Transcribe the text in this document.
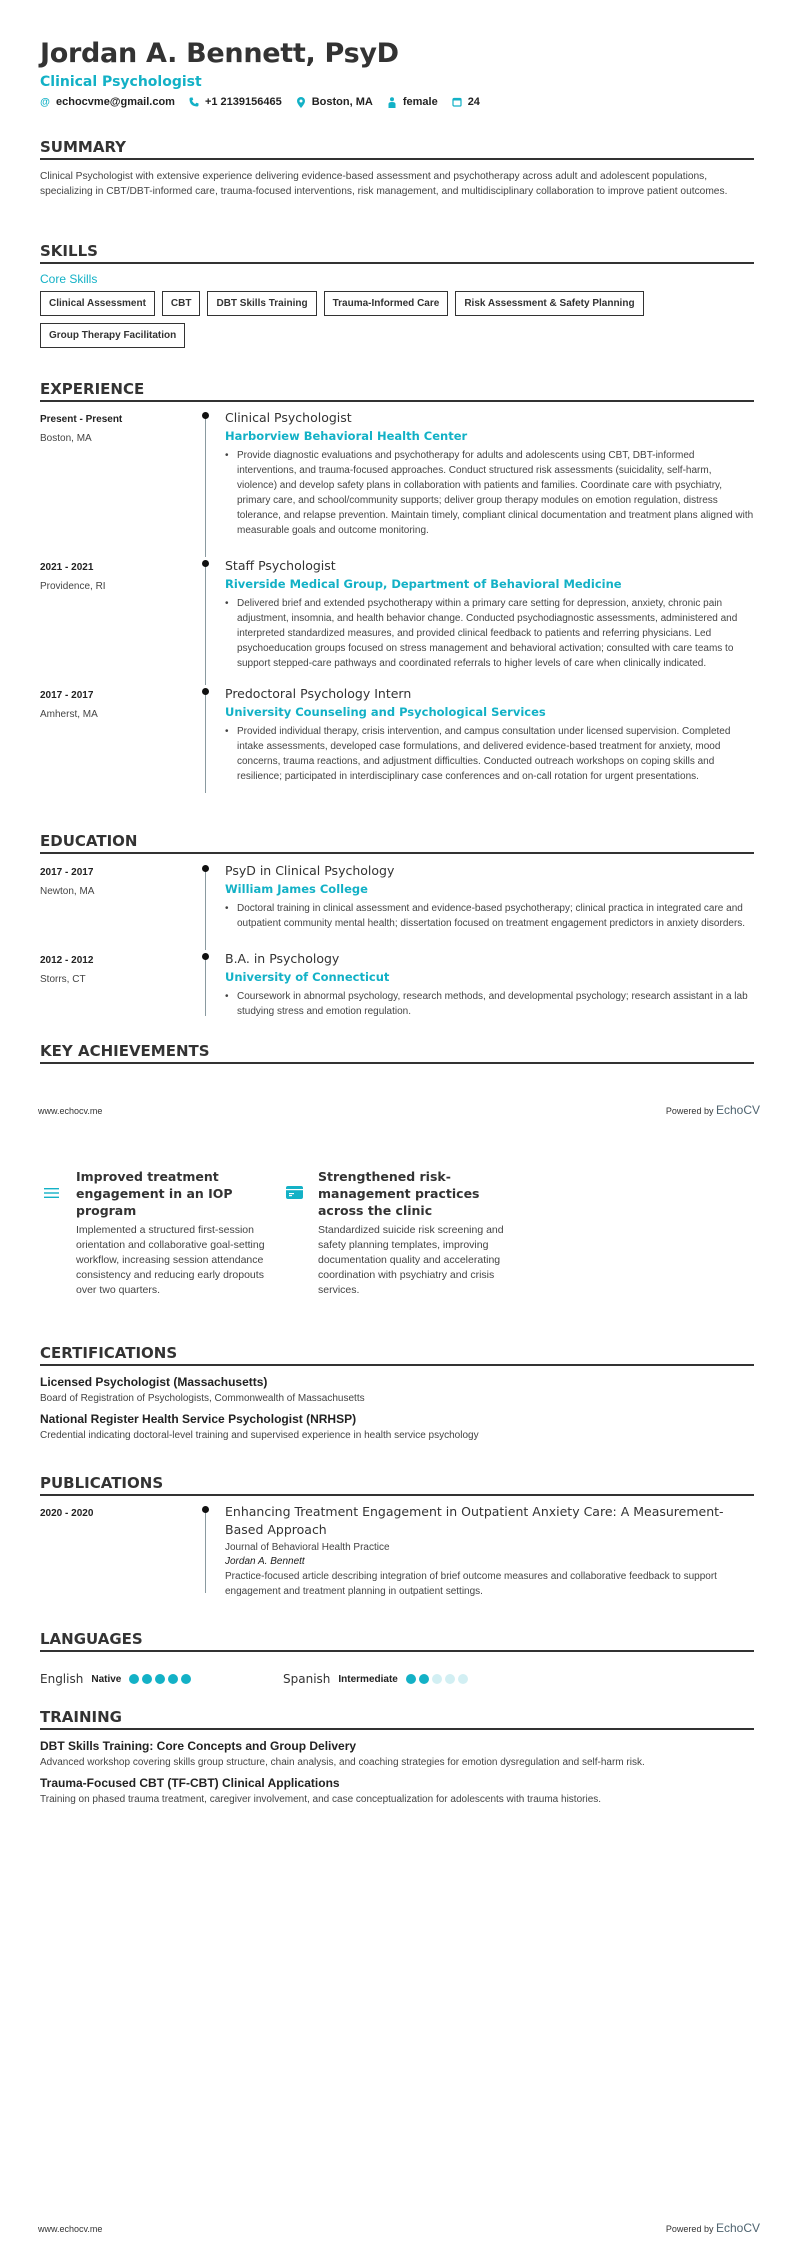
Jordan A. Bennett, PsyD
Clinical Psychologist
@ echocvme@gmail.com	+1 2139156465	Boston, MA	female	24
SUMMARY
Clinical Psychologist with extensive experience delivering evidence-based assessment and psychotherapy across adult and adolescent populations, specializing in CBT/DBT-informed care, trauma-focused interventions, risk management, and multidisciplinary collaboration to improve patient outcomes.
SKILLS
Core Skills
Clinical Assessment	CBT	DBT Skills Training	Trauma-Informed Care	Risk Assessment & Safety Planning
Group Therapy Facilitation
EXPERIENCE
Present - Present
Boston, MA
Clinical Psychologist
Harborview Behavioral Health Center
• Provide diagnostic evaluations and psychotherapy for adults and adolescents using CBT, DBT-informed interventions, and trauma-focused approaches. Conduct structured risk assessments (suicidality, self-harm, violence) and develop safety plans in collaboration with patients and families. Coordinate care with psychiatry, primary care, and school/community supports; deliver group therapy modules on emotion regulation, distress tolerance, and relapse prevention. Maintain timely, compliant clinical documentation and treatment plans aligned with measurable goals and outcome monitoring.
2021 - 2021
Providence, RI
Staff Psychologist
Riverside Medical Group, Department of Behavioral Medicine
• Delivered brief and extended psychotherapy within a primary care setting for depression, anxiety, chronic pain adjustment, insomnia, and health behavior change. Conducted psychodiagnostic assessments, administered and interpreted standardized measures, and provided clinical feedback to patients and referring physicians. Led psychoeducation groups focused on stress management and behavioral activation; consulted with care teams to support stepped-care pathways and coordinated referrals to higher levels of care when clinically indicated.
2017 - 2017
Amherst, MA
Predoctoral Psychology Intern
University Counseling and Psychological Services
• Provided individual therapy, crisis intervention, and campus consultation under licensed supervision. Completed intake assessments, developed case formulations, and delivered evidence-based treatment for anxiety, mood concerns, trauma reactions, and adjustment difficulties. Conducted outreach workshops on coping skills and resilience; participated in interdisciplinary case conferences and on-call rotation for urgent presentations.
EDUCATION
2017 - 2017
Newton, MA
PsyD in Clinical Psychology
William James College
• Doctoral training in clinical assessment and evidence-based psychotherapy; clinical practica in integrated care and outpatient community mental health; dissertation focused on treatment engagement predictors in anxiety disorders.
2012 - 2012
Storrs, CT
B.A. in Psychology
University of Connecticut
• Coursework in abnormal psychology, research methods, and developmental psychology; research assistant in a lab studying stress and emotion regulation.
KEY ACHIEVEMENTS
www.echocv.me	Powered by EchoCV
Improved treatment engagement in an IOP program
Implemented a structured first-session orientation and collaborative goal-setting workflow, increasing session attendance consistency and reducing early dropouts over two quarters.
Strengthened risk-management practices across the clinic
Standardized suicide risk screening and safety planning templates, improving documentation quality and accelerating coordination with psychiatry and crisis services.
CERTIFICATIONS
Licensed Psychologist (Massachusetts)
Board of Registration of Psychologists, Commonwealth of Massachusetts
National Register Health Service Psychologist (NRHSP)
Credential indicating doctoral-level training and supervised experience in health service psychology
PUBLICATIONS
2020 - 2020	Enhancing Treatment Engagement in Outpatient Anxiety Care: A Measurement-Based Approach
Journal of Behavioral Health Practice
Jordan A. Bennett
Practice-focused article describing integration of brief outcome measures and collaborative feedback to support engagement and treatment planning in outpatient settings.
LANGUAGES
English Native	Spanish Intermediate
TRAINING
DBT Skills Training: Core Concepts and Group Delivery
Advanced workshop covering skills group structure, chain analysis, and coaching strategies for emotion dysregulation and self-harm risk.
Trauma-Focused CBT (TF-CBT) Clinical Applications
Training on phased trauma treatment, caregiver involvement, and case conceptualization for adolescents with trauma histories.
www.echocv.me	Powered by EchoCV
